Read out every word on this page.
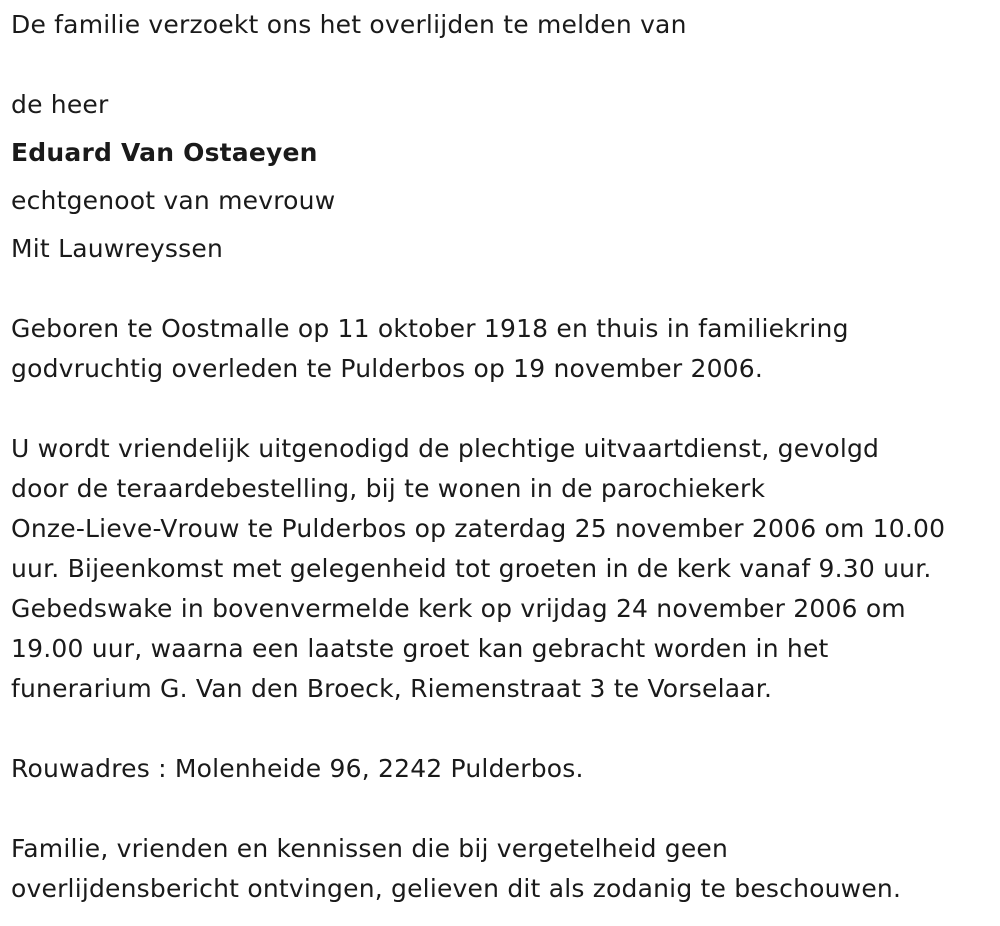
De familie verzoekt ons het overlijden te melden van
de heer
Eduard Van Ostaeyen
echtgenoot van mevrouw
Mit Lauwreyssen
Geboren te Oostmalle op 11 oktober 1918 en thuis in familiekring
godvruchtig overleden te Pulderbos op 19 november 2006.
U wordt vriendelijk uitgenodigd de plechtige uitvaartdienst, gevolgd
door de teraardebestelling, bij te wonen in de parochiekerk
Onze-Lieve-Vrouw te Pulderbos op zaterdag 25 november 2006 om 10.00
uur. Bijeenkomst met gelegenheid tot groeten in de kerk vanaf 9.30 uur.
Gebedswake in bovenvermelde kerk op vrijdag 24 november 2006 om
19.00 uur, waarna een laatste groet kan gebracht worden in het
funerarium G. Van den Broeck, Riemenstraat 3 te Vorselaar.
Rouwadres : Molenheide 96, 2242 Pulderbos.
Familie, vrienden en kennissen die bij vergetelheid geen
overlijdensbericht ontvingen, gelieven dit als zodanig te beschouwen.
